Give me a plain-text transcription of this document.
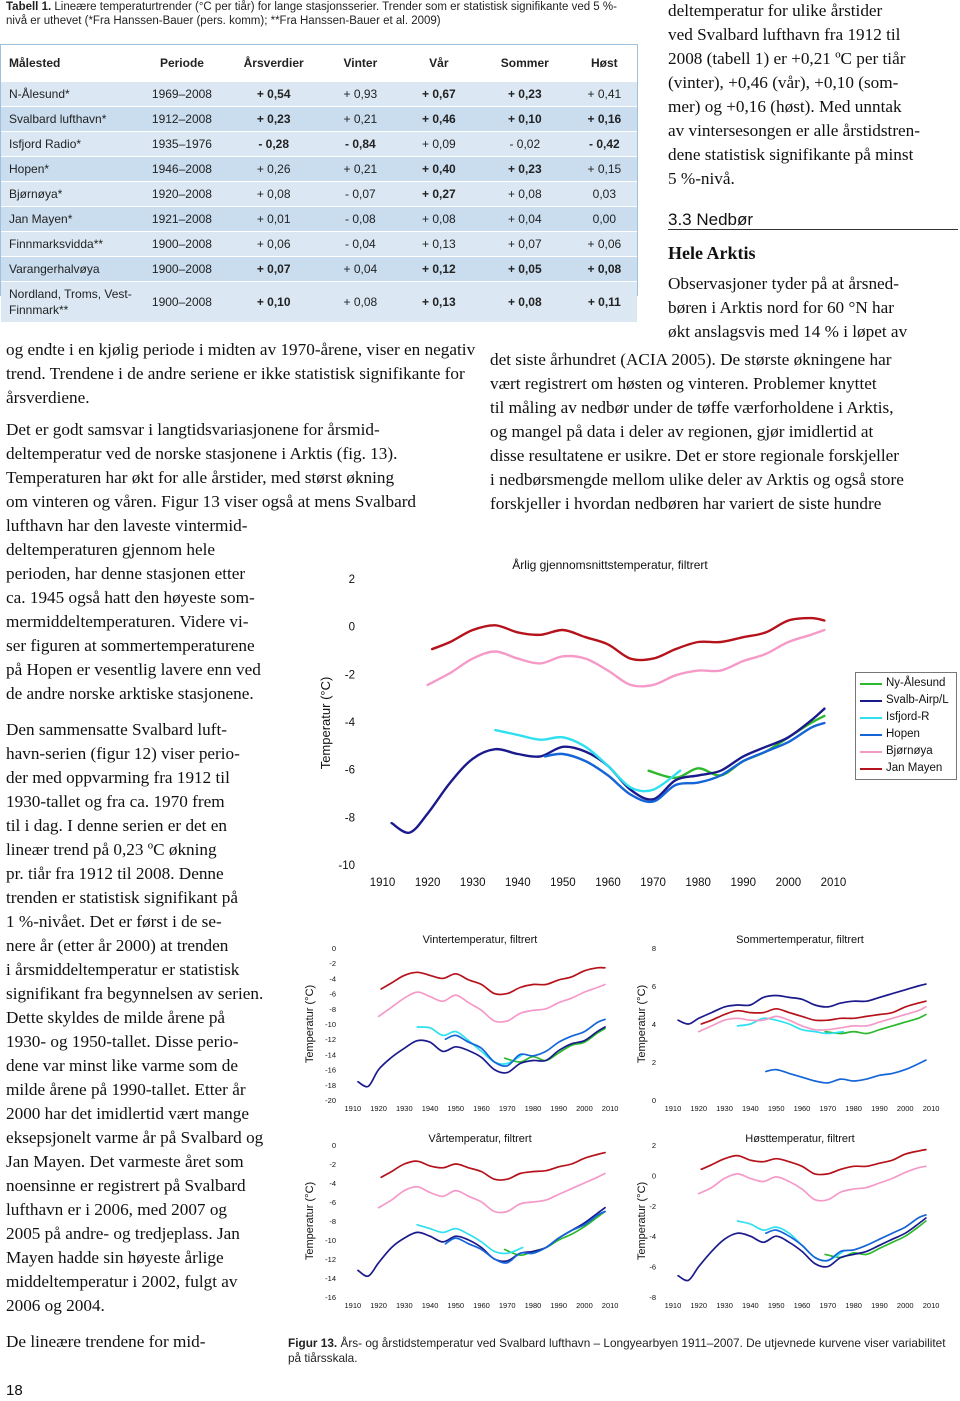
Tabell 1. Lineære temperaturtrender (°C per tiår) for lange stasjonsserier. Trender som er statistisk signifikante ved 5 %-nivå er uthevet (*Fra Hanssen-Bauer (pers. komm); **Fra Hanssen-Bauer et al. 2009)
Målested	Periode	Årsverdier	Vinter	Vår	Sommer	Høst
N-Ålesund*	1969–2008	+ 0,54	+ 0,93	+ 0,67	+ 0,23	+ 0,41
Svalbard lufthavn*	1912–2008	+ 0,23	+ 0,21	+ 0,46	+ 0,10	+ 0,16
Isfjord Radio*	1935–1976	- 0,28	- 0,84	+ 0,09	- 0,02	- 0,42
Hopen*	1946–2008	+ 0,26	+ 0,21	+ 0,40	+ 0,23	+ 0,15
Bjørnøya*	1920–2008	+ 0,08	- 0,07	+ 0,27	+ 0,08	0,03
Jan Mayen*	1921–2008	+ 0,01	- 0,08	+ 0,08	+ 0,04	0,00
Finnmarksvidda**	1900–2008	+ 0,06	- 0,04	+ 0,13	+ 0,07	+ 0,06
Varangerhalvøya	1900–2008	+ 0,07	+ 0,04	+ 0,12	+ 0,05	+ 0,08
Nordland, Troms, Vest-Finnmark**	1900–2008	+ 0,10	+ 0,08	+ 0,13	+ 0,08	+ 0,11
og endte i en kjølig periode i midten av 1970-årene, viser en negativ trend. Trendene i de andre seriene er ikke statistisk signifikante for årsverdiene.
Det er godt samsvar i langtidsvariasjonene for årsmid-
deltemperatur ved de norske stasjonene i Arktis (fig. 13).
Temperaturen har økt for alle årstider, med størst økning
om vinteren og våren. Figur 13 viser også at mens Svalbard
lufthavn har den laveste vintermid-
deltemperaturen gjennom hele
perioden, har denne stasjonen etter
ca. 1945 også hatt den høyeste som-
mermiddeltemperaturen. Videre vi-
ser figuren at sommertemperaturene
på Hopen er vesentlig lavere enn ved
de andre norske arktiske stasjonene.
Den sammensatte Svalbard luft-
havn-serien (figur 12) viser perio-
der med oppvarming fra 1912 til
1930-tallet og fra ca. 1970 frem
til i dag. I denne serien er det en
lineær trend på 0,23 ºC økning
pr. tiår fra 1912 til 2008. Denne
trenden er statistisk signifikant på
1 %-nivået. Det er først i de se-
nere år (etter år 2000) at trenden
i årsmiddeltemperatur er statistisk
signifikant fra begynnelsen av serien.
Dette skyldes de milde årene på
1930- og 1950-tallet. Disse perio-
dene var minst like varme som de
milde årene på 1990-tallet. Etter år
2000 har det imidlertid vært mange
eksepsjonelt varme år på Svalbard og
Jan Mayen. Det varmeste året som
noensinne er registrert på Svalbard
lufthavn er i 2006, med 2007 og
2005 på andre- og tredjeplass. Jan
Mayen hadde sin høyeste årlige
middeltemperatur i 2002, fulgt av
2006 og 2004.
De lineære trendene for mid-
deltemperatur for ulike årstider
ved Svalbard lufthavn fra 1912 til
2008 (tabell 1) er +0,21 ºC per tiår
(vinter), +0,46 (vår), +0,10 (som-
mer) og +0,16 (høst). Med unntak
av vintersesongen er alle årstidstren-
dene statistisk signifikante på minst
5 %-nivå.
3.3 Nedbør
Hele Arktis
Observasjoner tyder på at årsned-
børen i Arktis nord for 60 °N har
økt anslagsvis med 14 % i løpet av
det siste århundret (ACIA 2005). De største økningene har
vært registrert om høsten og vinteren. Problemer knyttet
til måling av nedbør under de tøffe værforholdene i Arktis,
og mangel på data i deler av regionen, gjør imidlertid at
disse resultatene er usikre. Det er store regionale forskjeller
i nedbørsmengde mellom ulike deler av Arktis og også store
forskjeller i hvordan nedbøren har variert de siste hundre
Årlig gjennomsnittstemperatur, filtrert
Temperatur (°C)
2
0
-2
-4
-6
-8
-10
1910 1920 1930 1940 1950 1960 1970 1980 1990 2000 2010
Vintertemperatur, filtrert
Temperatur (°C)
0
-2
-4
-6
-8
-10
-12
-14
-16
-18
-20
1910 1920 1930 1940 1950 1960 1970 1980 1990 2000 2010
Sommertemperatur, filtrert
Temperatur (°C)
8
6
4
2
0
1910 1920 1930 1940 1950 1960 1970 1980 1990 2000 2010
Vårtemperatur, filtrert
Temperatur (°C)
0
-2
-4
-6
-8
-10
-12
-14
-16
1910 1920 1930 1940 1950 1960 1970 1980 1990 2000 2010
Høsttemperatur, filtrert
Temperatur (°C)
2
0
-2
-4
-6
-8
1910 1920 1930 1940 1950 1960 1970 1980 1990 2000 2010
Ny-Ålesund
Svalb-Airp/L
Isfjord-R
Hopen
Bjørnøya
Jan Mayen
Figur 13. Års- og årstidstemperatur ved Svalbard lufthavn – Longyearbyen 1911–2007. De utjevnede kurvene viser variabilitet på tiårsskala.
18
